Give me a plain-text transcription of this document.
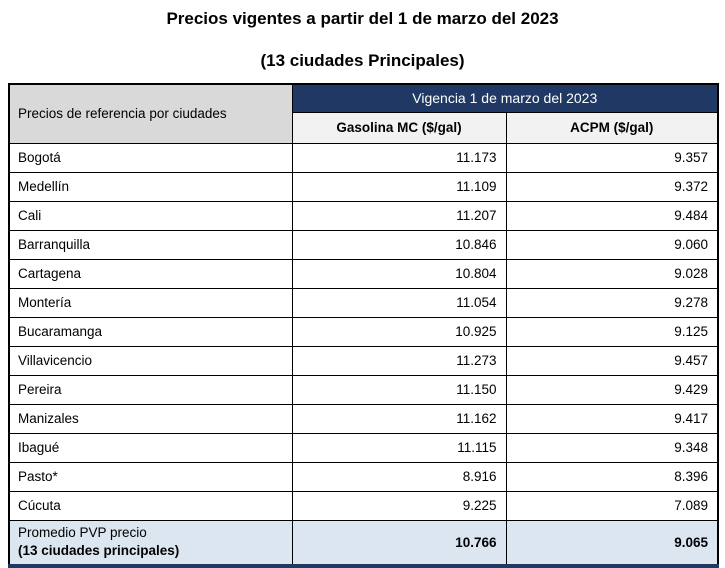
Precios vigentes a partir del 1 de marzo del 2023
(13 ciudades Principales)
Precios de referencia por ciudades	Vigencia 1 de marzo del 2023	
	Gasolina MC ($/gal)	ACPM ($/gal)
Bogotá	11.173	9.357
Medellín	11.109	9.372
Cali	11.207	9.484
Barranquilla	10.846	9.060
Cartagena	10.804	9.028
Montería	11.054	9.278
Bucaramanga	10.925	9.125
Villavicencio	11.273	9.457
Pereira	11.150	9.429
Manizales	11.162	9.417
Ibagué	11.115	9.348
Pasto*	8.916	8.396
Cúcuta	9.225	7.089

Promedio PVP precio
(13 ciudades principales)	10.766	9.065
